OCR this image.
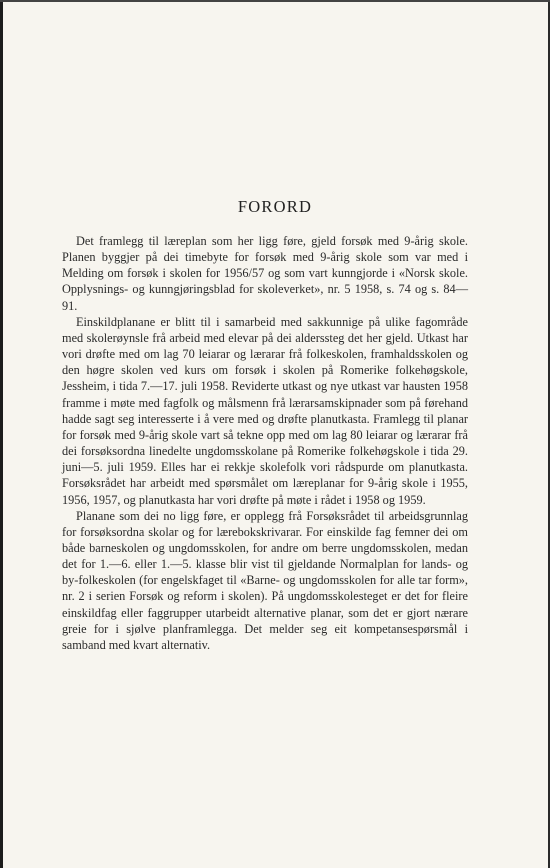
FORORD

Det framlegg til læreplan som her ligg føre, gjeld forsøk med 9-årig skole. Planen byggjer på dei timebyte for forsøk med 9-årig skole som var med i Melding om forsøk i skolen for 1956/57 og som vart kunngjorde i «Norsk skole. Opplysnings- og kunngjøringsblad for skoleverket», nr. 5 1958, s. 74 og s. 84—91.

Einskildplanane er blitt til i samarbeid med sakkunnige på ulike fagområde med skolerøynsle frå arbeid med elevar på dei alderssteg det her gjeld. Utkast har vori drøfte med om lag 70 leiarar og lærarar frå folkeskolen, framhaldsskolen og den høgre skolen ved kurs om forsøk i skolen på Romerike folkehøgskole, Jessheim, i tida 7.—17. juli 1958. Reviderte utkast og nye utkast var hausten 1958 framme i møte med fagfolk og målsmenn frå lærarsamskipnader som på førehand hadde sagt seg interesserte i å vere med og drøfte planutkasta. Framlegg til planar for forsøk med 9-årig skole vart så tekne opp med om lag 80 leiarar og lærarar frå dei forsøksordna linedelte ungdomsskolane på Romerike folkehøgskole i tida 29. juni—5. juli 1959. Elles har ei rekkje skolefolk vori rådspurde om planutkasta. Forsøksrådet har arbeidt med spørsmålet om læreplanar for 9-årig skole i 1955, 1956, 1957, og planutkasta har vori drøfte på møte i rådet i 1958 og 1959.

Planane som dei no ligg føre, er opplegg frå Forsøksrådet til arbeidsgrunnlag for forsøksordna skolar og for lærebokskrivarar. For einskilde fag femner dei om både barneskolen og ungdomsskolen, for andre om berre ungdomsskolen, medan det for 1.—6. eller 1.—5. klasse blir vist til gjeldande Normalplan for lands- og by-folkeskolen (for engelskfaget til «Barne- og ungdomsskolen for alle tar form», nr. 2 i serien Forsøk og reform i skolen). På ungdomsskolesteget er det for fleire einskildfag eller faggrupper utarbeidt alternative planar, som det er gjort nærare greie for i sjølve planframlegga. Det melder seg eit kompetansespørsmål i samband med kvart alternativ.
